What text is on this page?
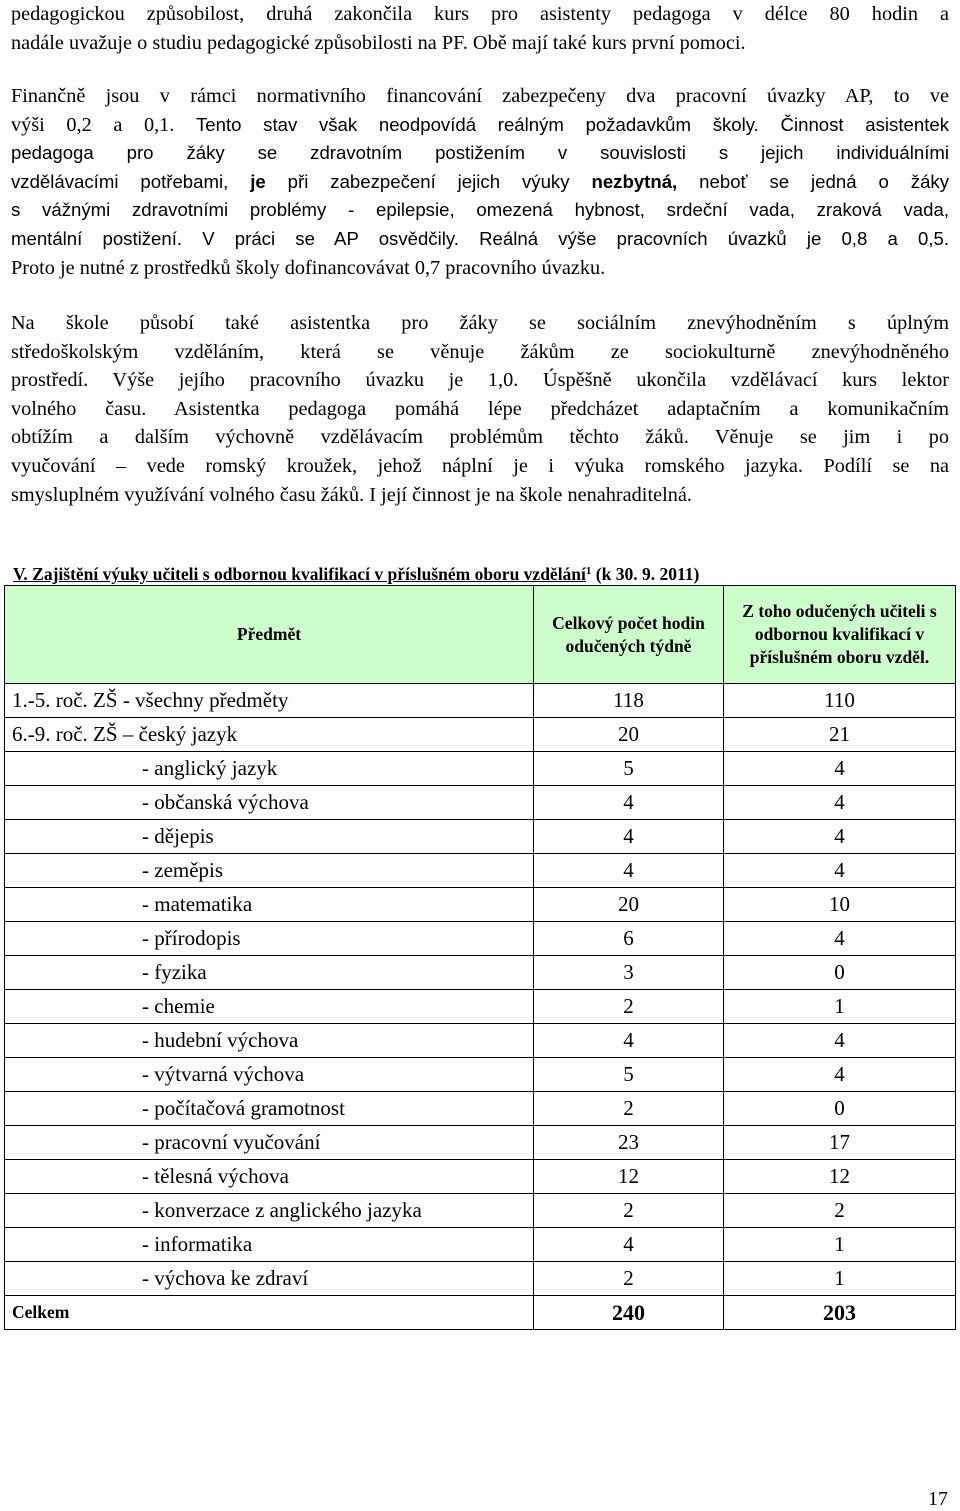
pedagogickou způsobilost, druhá zakončila kurs pro asistenty pedagoga v délce 80 hodin a
nadále uvažuje o studiu pedagogické způsobilosti na PF. Obě mají také kurs první pomoci.
Finančně jsou v rámci normativního financování zabezpečeny dva pracovní úvazky AP, to ve
výši 0,2 a 0,1. Tento stav však neodpovídá reálným požadavkům školy. Činnost asistentek
pedagoga pro žáky se zdravotním postižením v souvislosti s jejich individuálními
vzdělávacími potřebami, je při zabezpečení jejich výuky nezbytná, neboť se jedná o žáky
s vážnými zdravotními problémy - epilepsie, omezená hybnost, srdeční vada, zraková vada,
mentální postižení. V práci se AP osvědčily. Reálná výše pracovních úvazků je 0,8 a 0,5.
Proto je nutné z prostředků školy dofinancovávat 0,7 pracovního úvazku.
Na škole působí také asistentka pro žáky se sociálním znevýhodněním s úplným
středoškolským vzděláním, která se věnuje žákům ze sociokulturně znevýhodněného
prostředí. Výše jejího pracovního úvazku je 1,0. Úspěšně ukončila vzdělávací kurs lektor
volného času. Asistentka pedagoga pomáhá lépe předcházet adaptačním a komunikačním
obtížím a dalším výchovně vzdělávacím problémům těchto žáků. Věnuje se jim i po
vyučování – vede romský kroužek, jehož náplní je i výuka romského jazyka. Podílí se na
smysluplném využívání volného času žáků. I její činnost je na škole nenahraditelná.

V. Zajištění výuky učiteli s odbornou kvalifikací v příslušném oboru vzdělání$^1$ (k 30. 9. 2011)

Předmět	Celkový počet hodin odučených týdně	Z toho odučených učiteli s odbornou kvalifikací v příslušném oboru vzděl.
1.-5. roč. ZŠ - všechny předměty	118	110
6.-9. roč. ZŠ – český jazyk	20	21
- anglický jazyk	5	4
- občanská výchova	4	4
- dějepis	4	4
- zeměpis	4	4
- matematika	20	10
- přírodopis	6	4
- fyzika	3	0
- chemie	2	1
- hudební výchova	4	4
- výtvarná výchova	5	4
- počítačová gramotnost	2	0
- pracovní vyučování	23	17
- tělesná výchova	12	12
- konverzace z anglického jazyka	2	2
- informatika	4	1
- výchova ke zdraví	2	1
Celkem	240	203
17
